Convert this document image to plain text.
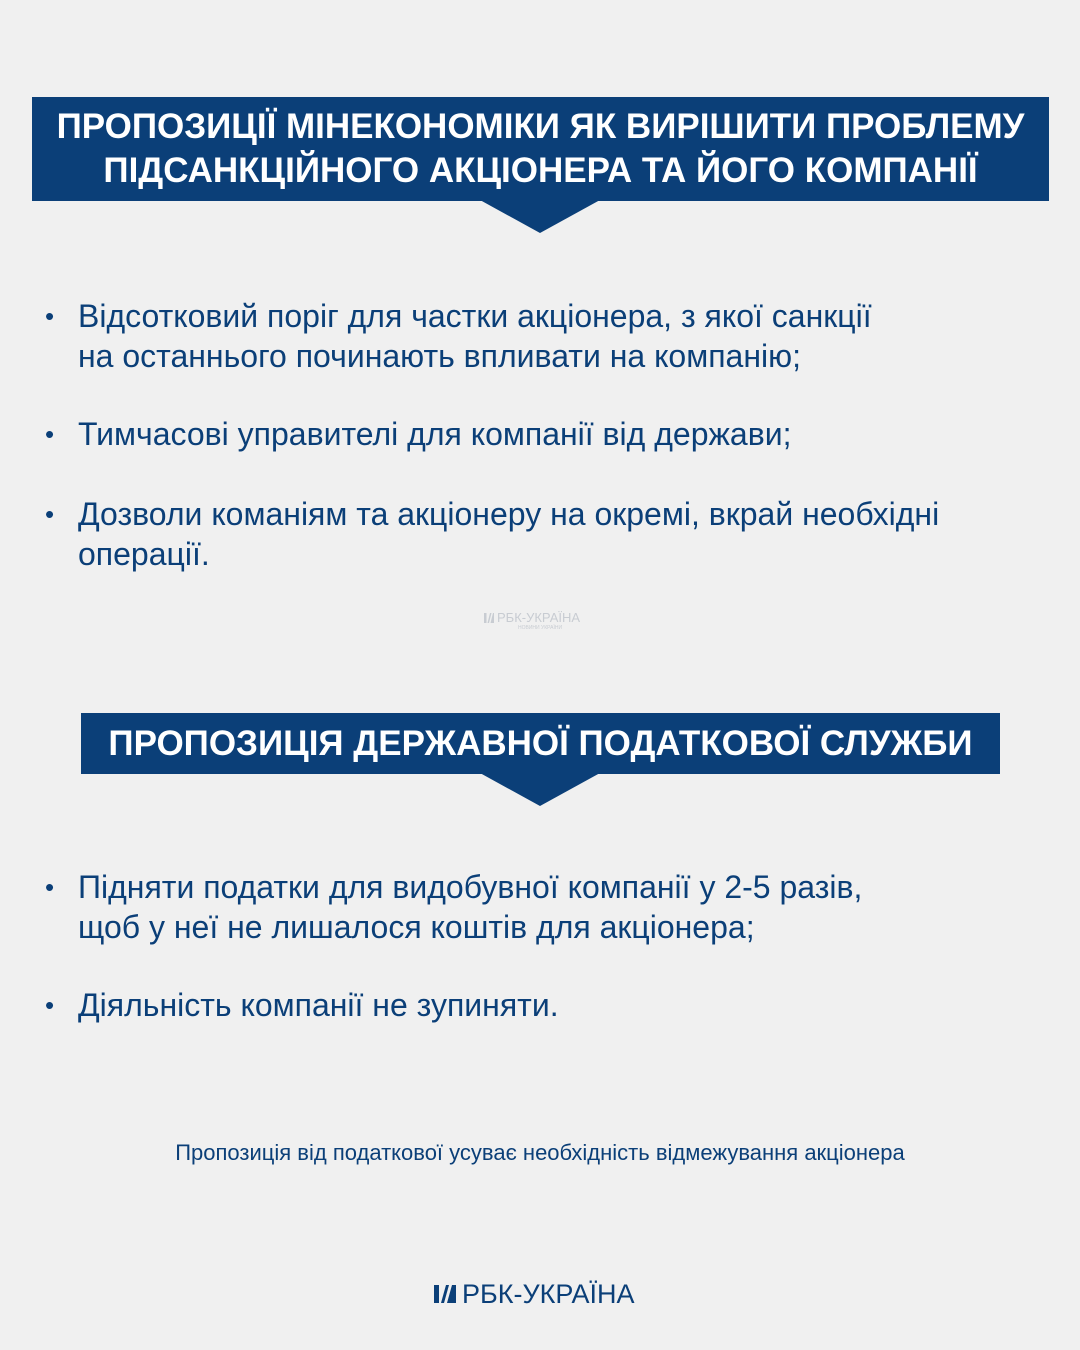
ПРОПОЗИЦІЇ МІНЕКОНОМІКИ ЯК ВИРІШИТИ ПРОБЛЕМУ
ПІДСАНКЦІЙНОГО АКЦІОНЕРА ТА ЙОГО КОМПАНІЇ
• Відсотковий поріг для частки акціонера, з якої санкції
на останнього починають впливати на компанію;
• Тимчасові управителі для компанії від держави;
• Дозволи команіям та акціонеру на окремі, вкрай необхідні
операції.
РБК-УКРАЇНА
НОВИНИ УКРАЇНИ
ПРОПОЗИЦІЯ ДЕРЖАВНОЇ ПОДАТКОВОЇ СЛУЖБИ
• Підняти податки для видобувної компанії у 2-5 разів,
щоб у неї не лишалося коштів для акціонера;
• Діяльність компанії не зупиняти.
Пропозиція від податкової усуває необхідність відмежування акціонера
РБК-УКРАЇНА
